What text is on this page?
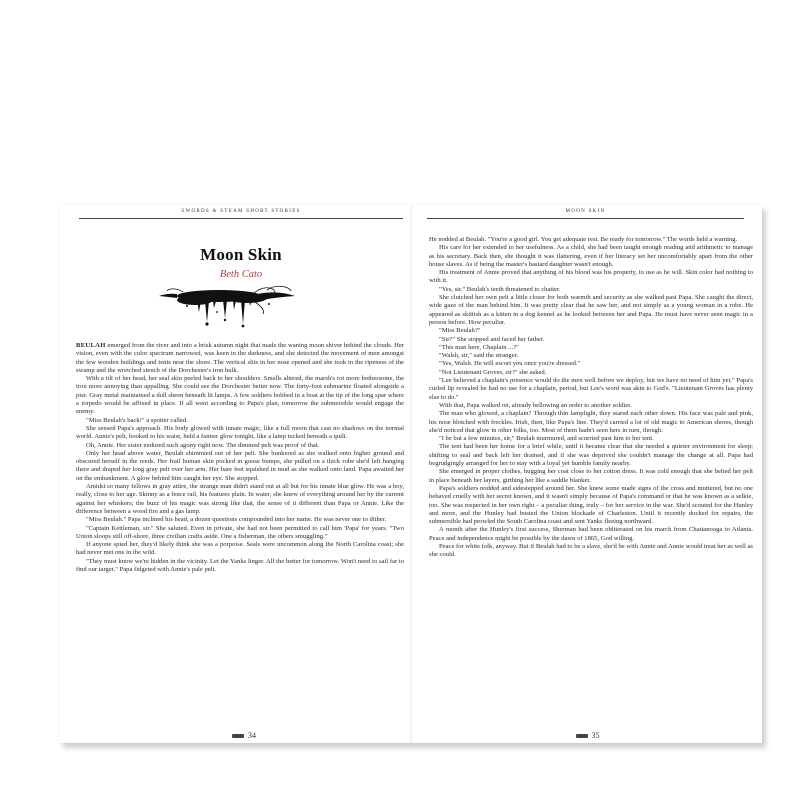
SWORDS & STEAM SHORT STORIES
Moon Skin
Beth Cato

BEULAH emerged from the river and into a brisk autumn night that made the waning moon shiver behind the clouds. Her vision, even with the color spectrum narrowed, was keen in the darkness, and she detected the movement of men amongst the few wooden buildings and tents near the shore. The vertical slits in her nose opened and she took in the ripeness of the swamp and the wretched stench of the Dorchester's iron hulk.

With a tilt of her head, her seal skin peeled back to her shoulders. Smells altered, the marsh's rot more bothersome, the iron more annoying than appalling. She could see the Dorchester better now. The forty-foot submarine floated alongside a pier. Gray metal maintained a dull sheen beneath lit lamps. A few soldiers bobbed in a boat at the tip of the long spar where a torpedo would be affixed in place. If all went according to Papa's plan, tomorrow the submersible would engage the enemy.

"Miss Beulah's back!" a spotter called.

She sensed Papa's approach. His body glowed with innate magic, like a full moon that cast no shadows on the normal world. Annie's pelt, hooked to his waist, held a fainter glow tonight, like a lamp tucked beneath a quilt.

Oh, Annie. Her sister endured such agony right now. The dimmed pelt was proof of that.

Only her head above water, Beulah shimmied out of her pelt. She bunkered as she walked onto higher ground and obscured herself in the reeds. Her frail human skin pocked in goose bumps, she pulled on a thick robe she'd left hanging there and draped her long gray pelt over her arm. Her bare feet squished in mud as she walked onto land. Papa awaited her on the embankment. A glow behind him caught her eye. She stopped.

Amidst so many fellows in gray attire, the strange man didn't stand out at all but for his innate blue glow. He was a boy, really, close to her age. Skinny as a fence rail, his features plain. In water, she knew of everything around her by the current against her whiskers; the buzz of his magic was strong like that, the sense of it different than Papa or Annie. Like the difference between a wood fire and a gas lamp.

"Miss Beulah." Papa inclined his head, a dozen questions compounded into her name. He was never one to dither.

"Captain Kettleman, sir." She saluted. Even in private, she had not been permitted to call him 'Papa' for years. "Two Union sloops still off-shore, three civilian crafts aside. One a fisherman, the others smuggling."

If anyone spied her, they'd likely think she was a porpoise. Seals were uncommon along the North Carolina coast; she had never met one in the wild.

"They must know we're hidden in the vicinity. Let the Yanks linger. All the better for tomorrow. Won't need to sail far to find our target." Papa fidgeted with Annie's pale pelt.

34
MOON SKIN

He nodded at Beulah. "You're a good girl. You get adequate rest. Be ready for tomorrow." The words held a warning.

His care for her extended to her usefulness. As a child, she had been taught enough reading and arithmetic to manage as his secretary. Back then, she thought it was flattering, even if her literacy set her uncomfortably apart from the other house slaves. As if being the master's bastard daughter wasn't enough.

His treatment of Annie proved that anything of his blood was his property, to use as he will. Skin color had nothing to with it.

"Yes, sir." Beulah's teeth threatened to chatter.

She clutched her own pelt a little closer for both warmth and security as she walked past Papa. She caught the direct, wide gaze of the man behind him. It was pretty clear that he saw her, and not simply as a young woman in a robe. He appeared as skittish as a kitten in a dog kennel as he looked between her and Papa. He must have never seen magic in a person before. How peculiar.

"Miss Beulah?"

"Sir?" She stopped and faced her father.

"This man here, Chaplain ...?"

"Walsh, sir," said the stranger.

"Yes, Walsh. He will escort you once you're dressed."

"Not Lieutenant Groves, sir?" she asked.

"Lee believed a chaplain's presence would do the men well before we deploy, but we have no need of him yet." Papa's curled lip revealed he had no use for a chaplain, period, but Lee's word was akin to God's. "Lieutenant Groves has plenty else to do."

With that, Papa walked on, already bellowing an order to another soldier.

The man who glowed, a chaplain? Through thin lamplight, they stared each other down. His face was pale and pink, his nose blotched with freckles. Irish, then, like Papa's line. They'd carried a lot of old magic to American shores, though she'd noticed that glow in other folks, too. Most of them hadn't seen hers in turn, though.

"I be but a few minutes, sir," Beulah murmured, and scurried past him to her tent.

The tent had been her home for a brief while, until it became clear that she needed a quieter environment for sleep; shifting to seal and back left her drained, and if she was deprived she couldn't manage the change at all. Papa had begrudgingly arranged for her to stay with a loyal yet humble family nearby.

She emerged in proper clothes, hugging her coat close to her cotton dress. It was cold enough that she belted her pelt in place beneath her layers, girthing her like a saddle blanket.

Papa's soldiers nodded and sidestepped around her. She knew some made signs of the cross and muttered, but no one behaved cruelly with her secret known, and it wasn't simply because of Papa's command or that he was known as a selkie, too. She was respected in her own right – a peculiar thing, truly – for her service in the war. She'd scouted for the Hunley and more, and the Hunley had busted the Union blockade of Charleston. Until it recently docked for repairs, the submersible had prowled the South Carolina coast and sent Yanks fleeing northward.

A month after the Hunley's first success, Sherman had been obliterated on his march from Chattanooga to Atlanta. Peace and independence might be possible by the dawn of 1865, God willing.

Peace for white folk, anyway. But if Beulah had to be a slave, she'd be with Annie and Annie would treat her as well as she could.

35
